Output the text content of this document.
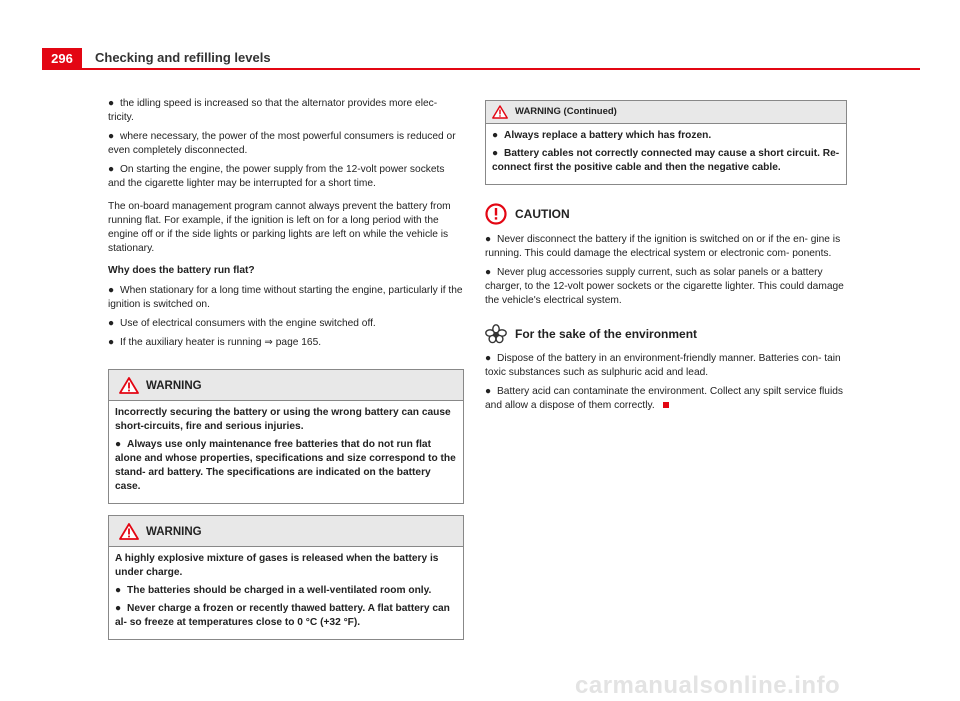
296	Checking and refilling levels

● the idling speed is increased so that the alternator provides more elec- tricity.

● where necessary, the power of the most powerful consumers is reduced or even completely disconnected.

● On starting the engine, the power supply from the 12-volt power sockets and the cigarette lighter may be interrupted for a short time.

The on-board management program cannot always prevent the battery from running flat. For example, if the ignition is left on for a long period with the engine off or if the side lights or parking lights are left on while the vehicle is stationary.

Why does the battery run flat?

● When stationary for a long time without starting the engine, particularly if the ignition is switched on.

● Use of electrical consumers with the engine switched off.

● If the auxiliary heater is running ⇒ page 165.

WARNING

Incorrectly securing the battery or using the wrong battery can cause short-circuits, fire and serious injuries.

● Always use only maintenance free batteries that do not run flat alone and whose properties, specifications and size correspond to the stand- ard battery. The specifications are indicated on the battery case.

WARNING

A highly explosive mixture of gases is released when the battery is under charge.

● The batteries should be charged in a well-ventilated room only.

● Never charge a frozen or recently thawed battery. A flat battery can al- so freeze at temperatures close to 0 °C (+32 °F).

WARNING (Continued)

● Always replace a battery which has frozen.

● Battery cables not correctly connected may cause a short circuit. Re- connect first the positive cable and then the negative cable.

CAUTION

● Never disconnect the battery if the ignition is switched on or if the en- gine is running. This could damage the electrical system or electronic com- ponents.

● Never plug accessories supply current, such as solar panels or a battery charger, to the 12-volt power sockets or the cigarette lighter. This could damage the vehicle's electrical system.

For the sake of the environment

● Dispose of the battery in an environment-friendly manner. Batteries con- tain toxic substances such as sulphuric acid and lead.

● Battery acid can contaminate the environment. Collect any spilt service fluids and allow a dispose of them correctly.

carmanualsonline.info
